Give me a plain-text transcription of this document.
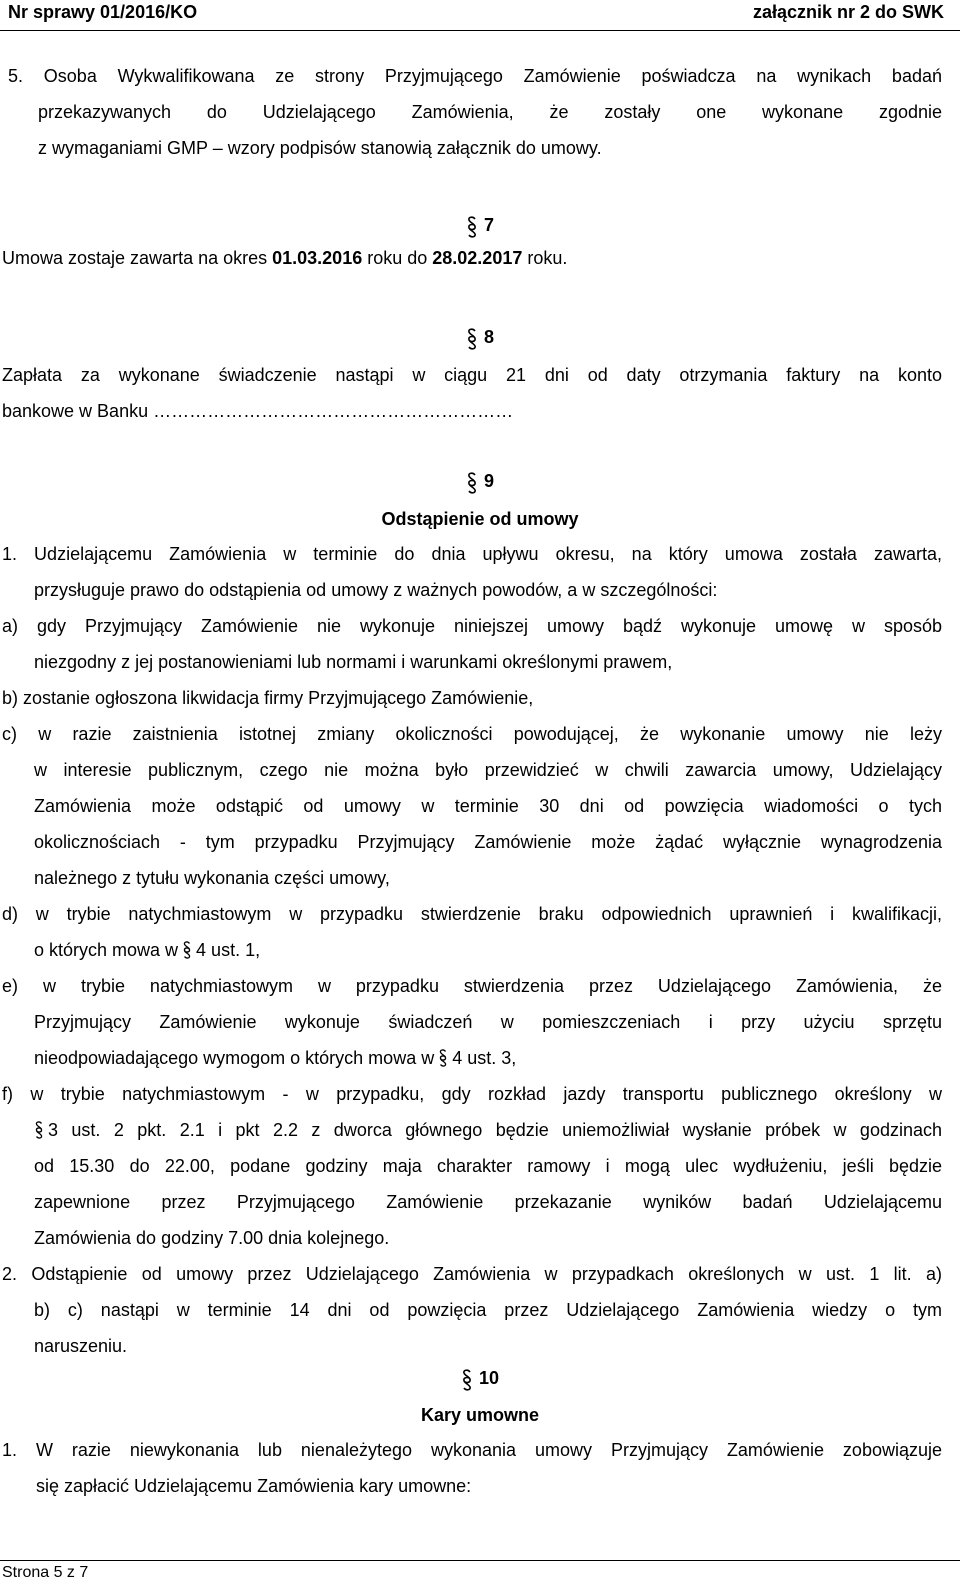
Nr sprawy 01/2016/KO	załącznik nr 2 do SWK
5. Osoba Wykwalifikowana ze strony Przyjmującego Zamówienie poświadcza na wynikach badań
przekazywanych do Udzielającego Zamówienia, że zostały one wykonane zgodnie
z wymaganiami GMP – wzory podpisów stanowią załącznik do umowy.
7
Umowa zostaje zawarta na okres 01.03.2016 roku do 28.02.2017 roku.
8
Zapłata za wykonane świadczenie nastąpi w ciągu 21 dni od daty otrzymania faktury na konto
bankowe w Banku ……………………………………………………
9
Odstąpienie od umowy
1. Udzielającemu Zamówienia w terminie do dnia upływu okresu, na który umowa została zawarta,
przysługuje prawo do odstąpienia od umowy z ważnych powodów, a w szczególności:
a) gdy Przyjmujący Zamówienie nie wykonuje niniejszej umowy bądź wykonuje umowę w sposób
niezgodny z jej postanowieniami lub normami i warunkami określonymi prawem,
b) zostanie ogłoszona likwidacja firmy Przyjmującego Zamówienie,
c) w razie zaistnienia istotnej zmiany okoliczności powodującej, że wykonanie umowy nie leży
w interesie publicznym, czego nie można było przewidzieć w chwili zawarcia umowy, Udzielający
Zamówienia może odstąpić od umowy w terminie 30 dni od powzięcia wiadomości o tych
okolicznościach - tym przypadku Przyjmujący Zamówienie może żądać wyłącznie wynagrodzenia
należnego z tytułu wykonania części umowy,
d) w trybie natychmiastowym w przypadku stwierdzenie braku odpowiednich uprawnień i kwalifikacji,
o których mowa w 4 ust. 1,
e) w trybie natychmiastowym w przypadku stwierdzenia przez Udzielającego Zamówienia, że
Przyjmujący Zamówienie wykonuje świadczeń w pomieszczeniach i przy użyciu sprzętu
nieodpowiadającego wymogom o których mowa w 4 ust. 3,
f) w trybie natychmiastowym - w przypadku, gdy rozkład jazdy transportu publicznego określony w
3 ust. 2 pkt. 2.1 i pkt 2.2 z dworca głównego będzie uniemożliwiał wysłanie próbek w godzinach
od 15.30 do 22.00, podane godziny maja charakter ramowy i mogą ulec wydłużeniu, jeśli będzie
zapewnione przez Przyjmującego Zamówienie przekazanie wyników badań Udzielającemu
Zamówienia do godziny 7.00 dnia kolejnego.
2. Odstąpienie od umowy przez Udzielającego Zamówienia w przypadkach określonych w ust. 1 lit. a)
b) c) nastąpi w terminie 14 dni od powzięcia przez Udzielającego Zamówienia wiedzy o tym
naruszeniu.
10
Kary umowne
1. W razie niewykonania lub nienależytego wykonania umowy Przyjmujący Zamówienie zobowiązuje
się zapłacić Udzielającemu Zamówienia kary umowne:
Strona 5 z 7
